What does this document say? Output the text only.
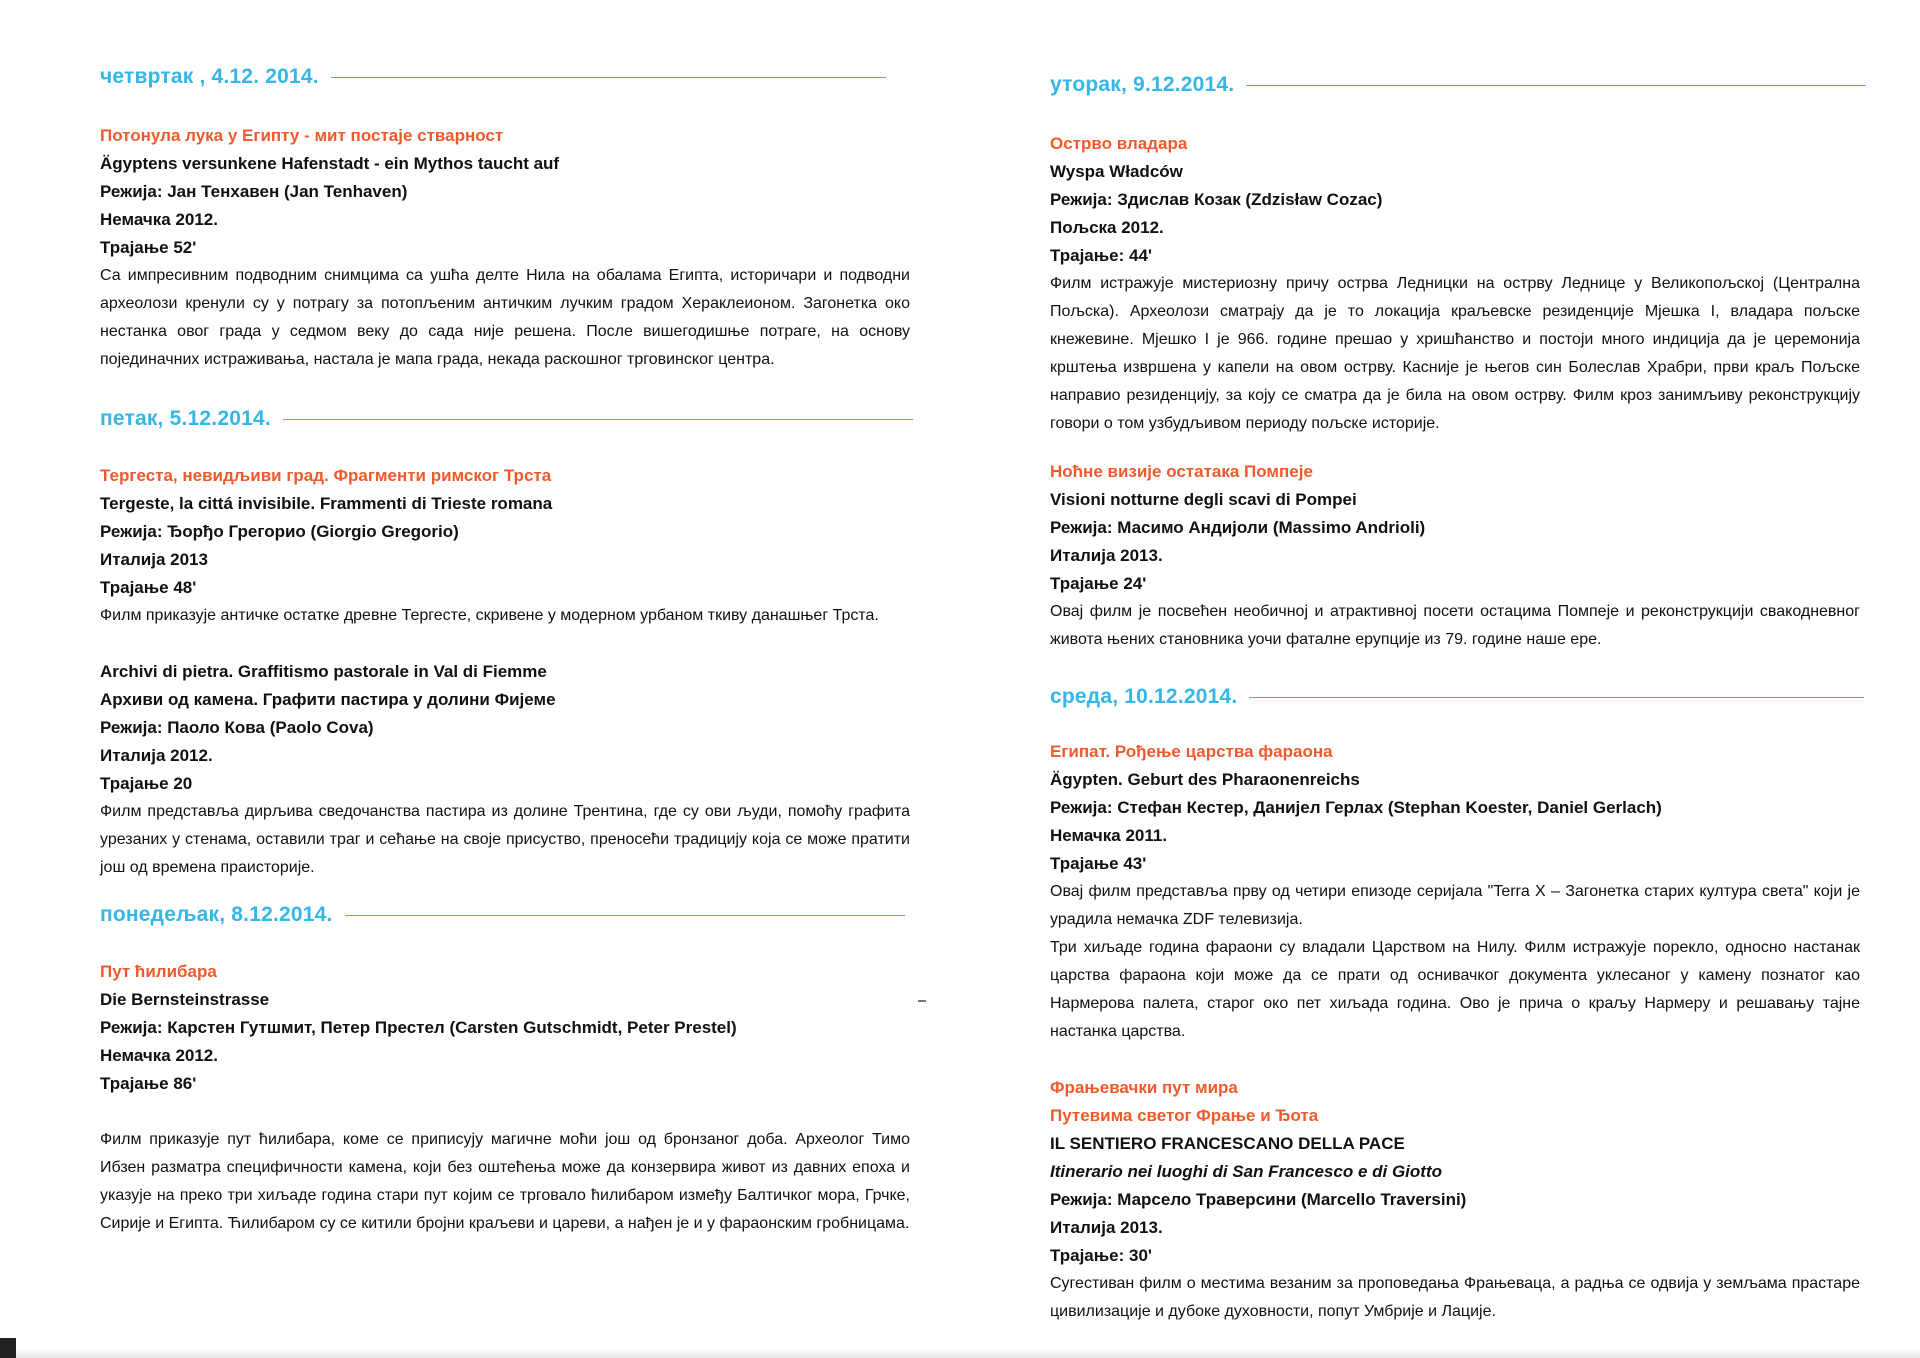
четвртак , 4.12. 2014.
Потонула лука у Египту - мит постаје стварност
Ägyptens versunkene Hafenstadt - ein Mythos taucht auf
Режија: Јан Тенхавен (Jan Tenhaven)
Немачка 2012.
Трајање 52'

Са импресивним подводним снимцима са ушћа делте Нила на обалама Египта, историчари и подводни археолози кренули су у потрагу за потопљеним античким лучким градом Хераклеионом. Загонетка око нестанка овог града у седмом веку до сада није решена. После вишегодишње потраге, на основу појединачних истраживања, настала је мапа града, некада раскошног трговинског центра.

петак, 5.12.2014.
Тергеста, невидљиви град. Фрагменти римског Трста
Tergeste, la cittá invisibile. Frammenti di Trieste romana
Режија: Ђорђо Грегорио (Giorgio Gregorio)
Италија 2013
Трајање 48'

Филм приказује античке остатке древне Тергесте, скривене у модерном урбаном ткиву данашњег Трста.

Archivi di pietra. Graffitismo pastorale in Val di Fiemme
Архиви од камена. Графити пастира у долини Фијеме
Режија: Паоло Кова (Paolo Cova)
Италија 2012.
Трајање 20

Филм представља дирљива сведочанства пастира из долине Трентина, где су ови људи, помоћу графита урезаних у стенама, оставили траг и сећање на своје присуство, преносећи традицију која се може пратити још од времена праисторије.

понедељак, 8.12.2014.
Пут ћилибара
Die Bernsteinstrasse
Режија: Карстен Гутшмит, Петер Престел (Carsten Gutschmidt, Peter Prestel)
Немачка 2012.
Трајање 86'

Филм приказује пут ћилибара, коме се приписују магичне моћи још од бронзаног доба. Археолог Тимо Ибзен разматра специфичности камена, који без оштећења може да конзервира живот из давних епоха и указује на преко три хиљаде година стари пут којим се трговало ћилибаром између Балтичког мора, Грчке, Сирије и Египта. Ћилибаром су се китили бројни краљеви и цареви, а нађен је и у фараонским гробницама.

уторак, 9.12.2014.
Острво владара
Wyspa Władców
Режија: Здислав Козак (Zdzisław Cozac)
Пољска 2012.
Трајање: 44'

Филм истражује мистериозну причу острва Ледницки на острву Леднице у Великопољској (Централна Пољска). Археолози сматрају да је то локација краљевске резиденције Мјешка I, владара пољске кнежевине. Мјешко I је 966. године прешао у хришћанство и постоји много индиција да је церемонија крштења извршена у капели на овом острву. Касније је његов син Болеслав Храбри, први краљ Пољске направио резиденцију, за коју се сматра да је била на овом острву. Филм кроз занимљиву реконструкцију говори о том узбудљивом периоду пољске историје.

Ноћне визије остатака Помпеје
Visioni notturne degli scavi di Pompei
Режија: Масимо Андиjоли (Massimo Andrioli)
Италија 2013.
Трајање 24'

Овај филм је посвећен необичној и атрактивној посети остацима Помпеје и реконструкцији свакодневног живота њених становника уочи фаталне ерупције из 79. године наше ере.

среда, 10.12.2014.
Египат. Рођење царства фараона
Ägypten. Geburt des Pharaonenreichs
Режија: Стефан Кестер, Данијел Герлах (Stephan Koester, Daniel Gerlach)
Немачка 2011.
Трајање 43'

Овај филм представља прву од четири епизоде серијала "Terra X – Загонетка старих култура света" који је урадила немачка ZDF телевизија.

Три хиљаде година фараони су владали Царством на Нилу. Филм истражује порекло, односно настанак царства фараона који може да се прати од оснивачког документа уклесаног у камену познатог као Нармерова палета, старог око пет хиљада година. Ово је прича о краљу Нармеру и решавању тајне настанка царства.

Фрањевачки пут мира
Путевима светог Фрање и Ђота
IL SENTIERO FRANCESCANO DELLA PACE
Itinerario nei luoghi di San Francesco e di Giotto
Режија: Марсело Траверсини (Marcello Traversini)
Италија 2013.
Трајање: 30'

Сугестиван филм о местима везаним за проповедања Фрањеваца, а радња се одвија у земљама прастаре цивилизације и дубоке духовности, попут Умбрије и Лације.
